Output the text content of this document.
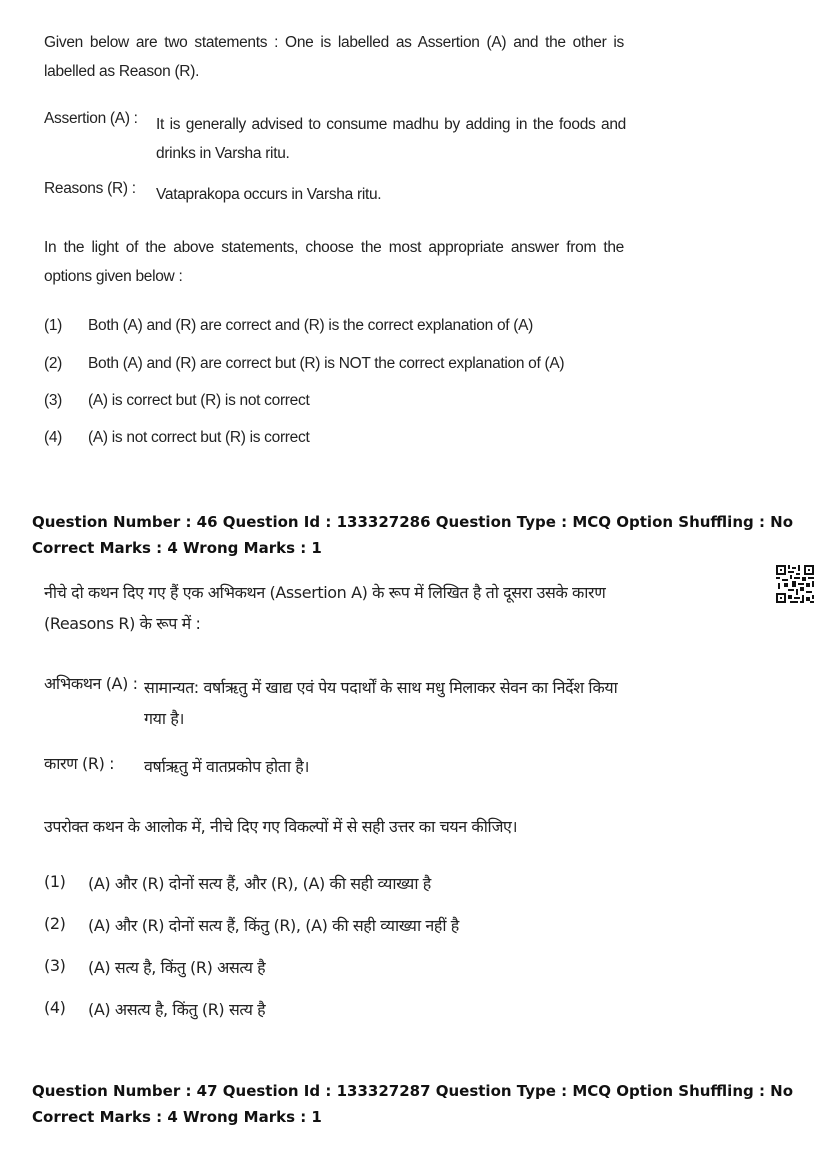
Given below are two statements : One is labelled as Assertion (A) and the other is labelled as Reason (R).
Assertion (A) :	It is generally advised to consume madhu by adding in the foods and drinks in Varsha ritu.
Reasons (R) :	Vataprakopa occurs in Varsha ritu.
In the light of the above statements, choose the most appropriate answer from the options given below :
(1)	Both (A) and (R) are correct and (R) is the correct explanation of (A)
(2)	Both (A) and (R) are correct but (R) is NOT the correct explanation of (A)
(3)	(A) is correct but (R) is not correct
(4)	(A) is not correct but (R) is correct
Question Number : 46 Question Id : 133327286 Question Type : MCQ Option Shuffling : No
Correct Marks : 4 Wrong Marks : 1
नीचे दो कथन दिए गए हैं एक अभिकथन (Assertion A) के रूप में लिखित है तो दूसरा उसके कारण (Reasons R) के रूप में :
अभिकथन (A) : सामान्यत: वर्षाऋतु में खाद्य एवं पेय पदार्थों के साथ मधु मिलाकर सेवन का निर्देश किया गया है।
कारण (R) :	वर्षाऋतु में वातप्रकोप होता है।
उपरोक्त कथन के आलोक में, नीचे दिए गए विकल्पों में से सही उत्तर का चयन कीजिए।
(1)	(A) और (R) दोनों सत्य हैं, और (R), (A) की सही व्याख्या है
(2)	(A) और (R) दोनों सत्य हैं, किंतु (R), (A) की सही व्याख्या नहीं है
(3)	(A) सत्य है, किंतु (R) असत्य है
(4)	(A) असत्य है, किंतु (R) सत्य है
Question Number : 47 Question Id : 133327287 Question Type : MCQ Option Shuffling : No
Correct Marks : 4 Wrong Marks : 1
